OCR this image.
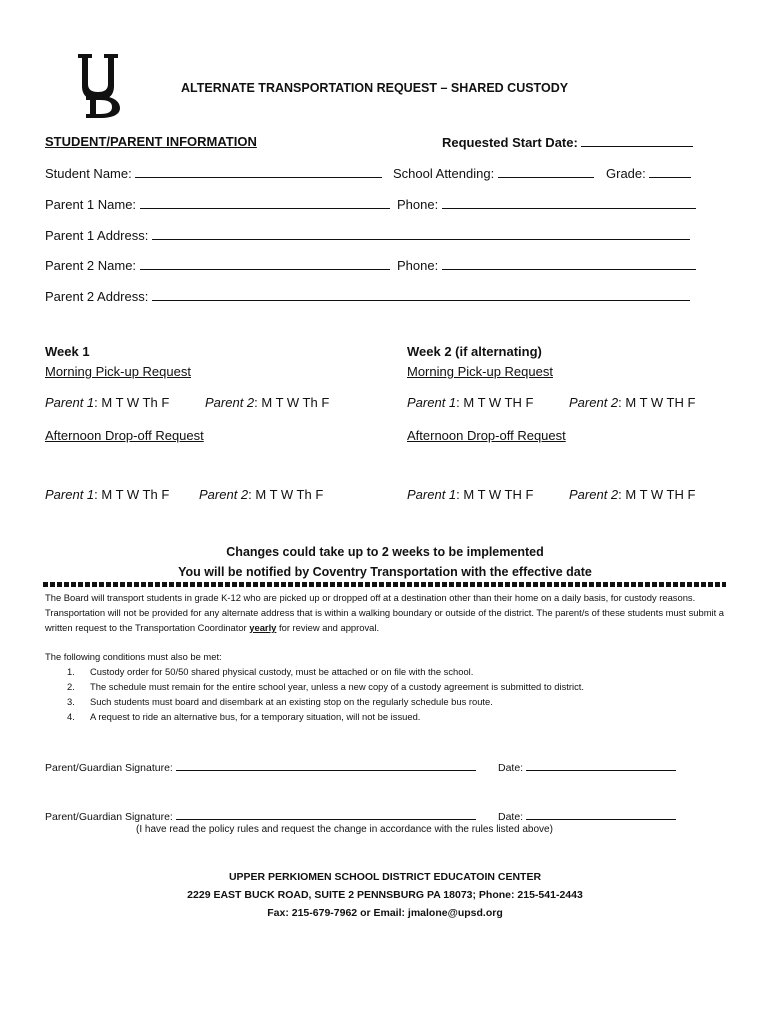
ALTERNATE TRANSPORTATION REQUEST – SHARED CUSTODY
STUDENT/PARENT INFORMATION	Requested Start Date:
Student Name:	School Attending:	Grade:
Parent 1 Name:	Phone:
Parent 1 Address:
Parent 2 Name:	Phone:
Parent 2 Address:
Week 1
Morning Pick-up Request
Parent 1: M T W Th F	Parent 2: M T W Th F
Afternoon Drop-off Request
Parent 1: M T W Th F Parent 2: M T W Th F
Week 2 (if alternating)
Morning Pick-up Request
Parent 1: M T W TH F	Parent 2: M T W TH F
Afternoon Drop-off Request
Parent 1: M T W TH F	Parent 2: M T W TH F
Changes could take up to 2 weeks to be implemented
You will be notified by Coventry Transportation with the effective date
The Board will transport students in grade K-12 who are picked up or dropped off at a destination other than their home on a daily basis, for custody reasons. Transportation will not be provided for any alternate address that is within a walking boundary or outside of the district. The parent/s of these students must submit a written request to the Transportation Coordinator yearly for review and approval.
The following conditions must also be met:
1. Custody order for 50/50 shared physical custody, must be attached or on file with the school.
2. The schedule must remain for the entire school year, unless a new copy of a custody agreement is submitted to district.
3. Such students must board and disembark at an existing stop on the regularly schedule bus route.
4. A request to ride an alternative bus, for a temporary situation, will not be issued.
Parent/Guardian Signature:	Date:
Parent/Guardian Signature:	Date:
(I have read the policy rules and request the change in accordance with the rules listed above)
UPPER PERKIOMEN SCHOOL DISTRICT EDUCATOIN CENTER
2229 EAST BUCK ROAD, SUITE 2 PENNSBURG PA 18073; Phone: 215-541-2443
Fax: 215-679-7962 or Email: jmalone@upsd.org
